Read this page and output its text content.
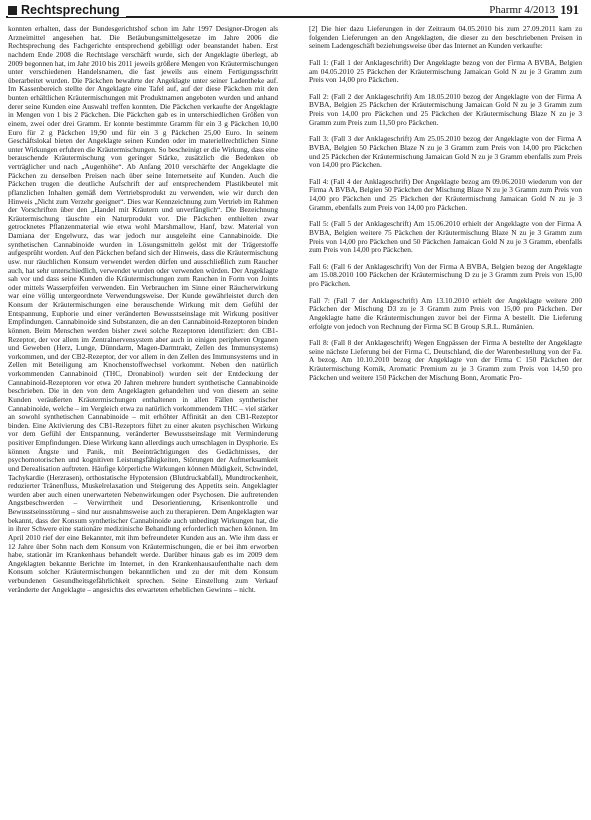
Rechtsprechung	Pharmr 4/2013 191

konnten erhalten, dass der Bundesgerichtshof schon im Jahr 1997 Designer-Drogen als Arzneimittel angesehen hat. Die Betäubungsmittelgesetze im Jahre 2006 die Rechtsprechung des Fachgerichte entsprechend gebilligt oder beanstandet haben. Erst nachdem Ende 2008 die Rechtslage verschärft wurde, sich der Angeklagte überlegt, ab 2009 begonnen hat, im Jahr 2010 bis 2011 jeweils größere Mengen von Kräutermischungen unter verschiedenen Handelsnamen, die fast jeweils aus einem Fertigungsschritt überarbeitet wurden. Die Päckchen bewahrte der Angeklagte unter seiner Ladentheke auf. Im Kassenbereich stellte der Angeklagte eine Tafel auf, auf der diese Päckchen mit den bunten erhältlichen Kräutermischungen mit Produktnamen angeboten wurden und anhand derer seine Kunden eine Auswahl treffen konnten. Die Päckchen verkaufte der Angeklagte in Mengen von 1 bis 2 Päckchen. Die Päckchen gab es in unterschiedlichen Größen von einem, zwei oder drei Gramm. Er konnte bestimmte Gramm für ein 3 g Päckchen 10,00 Euro für 2 g Päckchen 19,90 und für ein 3 g Päckchen 25,00 Euro. In seinem Geschäftslokal bieten der Angeklagte seinen Kunden oder im materiellrechtlichen Sinne unter Wirkungen erfuhren die Kräutermischungen. So bescheinigt er die Wirkung, dass eine berauschende Kräutermischung von geringer Stärke, zusätzlich die Bedenken ob verträglicher und nach „Augenhöhe“. Ab Anfang 2010 verschärfte der Angeklagte die Päckchen zu denselben Preisen nach über seine Internetseite auf Kunden. Auch die Päckchen trugen die deutliche Aufschrift der auf entsprechendem Plastikbeutel mit pflanzlichen Inhalten gemäß dem Vertriebsprodukt zu verwenden, wie wir durch den Hinweis „Nicht zum Verzehr geeignet“. Dies war Kennzeichnung zum Vertrieb im Rahmen der Vorschriften über den „Handel mit Kräutern und unverfänglich“. Die Bezeichnung Kräutermischung täuschte ein Naturprodukt vor. Die Päckchen enthielten zwar getrocknetes Pflanzenmaterial wie etwa wohl Marshmallow, Hanf, bzw. Material von Damiana der Engelwurz, das war jedoch nur ausgeleiht eine Cannabinoide. Die synthetischen Cannabinoide wurden in Lösungsmitteln gelöst mit der Trägerstoffe aufgesprüht worden. Auf den Päckchen befand sich der Hinweis, dass die Kräutermischung usw. nur räuchlichen Konsum verwendet werden dürfen und ausschließlich zum Raucher auch, hat sehr unterschiedlich, verwendet wurden oder verwenden würden. Der Angeklagte sah vor und dass seine Kunden die Kräutermischungen zum Rauchen in Form von Joints oder mittels Wasserpfeifen verwenden. Ein Verbrauchen im Sinne einer Räucherwirkung war eine völlig untergeordnete Verwendungsweise. Der Kunde gewährleistet durch den Konsum der Kräutermischungen eine berauschende Wirkung mit dem Gefühl der Entspannung, Euphorie und einer veränderten Bewusstseinslage mit Wirkung positiver Empfindungen. Cannabinoide sind Substanzen, die an den Cannabinoid-Rezeptoren binden können. Beim Menschen werden bisher zwei solche Rezeptoren identifiziert: den CB1-Rezeptor, der vor allem im Zentralnervensystem aber auch in einigen peripheren Organen und Geweben (Herz, Lunge, Dünndarm, Magen-Darmtrakt, Zellen des Immunsystems) vorkommen, und der CB2-Rezeptor, der vor allem in den Zellen des Immunsystems und in Zellen mit Beteiligung am Knochenstoffwechsel vorkommt. Neben den natürlich vorkommenden Cannabinoid (THC, Dronabinol) wurden seit der Entdeckung der Cannabinoid-Rezeptoren vor etwa 20 Jahren mehrere hundert synthetische Cannabinoide beschrieben. Die in den von dem Angeklagten gehandelten und von diesem an seine Kunden veräußerten Kräutermischungen enthaltenen in allen Fällen synthetischer Cannabinoide, welche – im Vergleich etwa zu natürlich vorkommendem THC – viel stärker an sowohl synthetischen Cannabinoide – mit erhöhter Affinität an den CB1-Rezeptor binden. Eine Aktivierung des CB1-Rezeptors führt zu einer akuten psychischen Wirkung vor dem Gefühl der Entspannung, veränderter Bewusstseinslage mit Verminderung positiver Empfindungen. Diese Wirkung kann allerdings auch umschlagen in Dysphorie. Es können Ängste und Panik, mit Beeinträchtigungen des Gedächtnisses, der psychomotorischen und kognitiven Leistungsfähigkeiten, Störungen der Aufmerksamkeit und Derealisation auftreten. Häufige körperliche Wirkungen können Müdigkeit, Schwindel, Tachykardie (Herzrasen), orthostatische Hypotension (Blutdruckabfall), Mundtrockenheit, reduzierter Tränenfluss, Muskelrelaxation und Steigerung des Appetits sein. Angeklagter wurden aber auch einen unerwarteten Nebenwirkungen oder Psychosen. Die auftretenden Angstbeschwerden – Verwirrtheit und Desorientierung, Krisenkontrolle und Bewusstseinsstörung – sind nur ausnahmsweise auch zu therapieren. Dem Angeklagten war bekannt, dass der Konsum synthetischer Cannabinoide auch unbedingt Wirkungen hat, die in ihrer Schwere eine stationäre medizinische Behandlung erforderlich machen können. Im April 2010 rief der eine Bekannter, mit ihm befreundeter Kunden aus an. Wie ihm dass er 12 Jahre über Sohn nach dem Konsum von Kräutermischungen, die er bei ihm erworben habe, stationär im Krankenhaus behandelt werde. Darüber hinaus gab es im 2009 dem Angeklagten bekannte Berichte im Internet, in den Krankenhausaufenthalte nach dem Konsum solcher Kräutermischungen bekanntlichen und zu der mit dem Konsum verbundenen Gesundheitsgefährlichkeit sprechen. Seine Einstellung zum Verkauf veränderte der Angeklagte – angesichts des erwarteten erheblichen Gewinns – nicht.

[2] Die hier dazu Lieferungen in der Zeitraum 04.05.2010 bis zum 27.09.2011 kam zu folgenden Lieferungen an den Angeklagten, die dieser zu den beschriebenen Preisen in seinem Ladengeschäft beziehungsweise über das Internet an Kunden verkaufte:

Fall 1: (Fall 1 der Anklageschrift) Der Angeklagte bezog von der Firma A BVBA, Belgien am 04.05.2010 25 Päckchen der Kräutermischung Jamaican Gold N zu je 3 Gramm zum Preis von 14,00 pro Päckchen.

Fall 2: (Fall 2 der Anklageschrift) Am 18.05.2010 bezog der Angeklagte von der Firma A BVBA, Belgien 25 Päckchen der Kräutermischung Jamaican Gold N zu je 3 Gramm zum Preis von 14,00 pro Päckchen und 25 Päckchen der Kräutermischung Blaze N zu je 3 Gramm zum Preis zum 11,50 pro Päckchen.

Fall 3: (Fall 3 der Anklageschrift) Am 25.05.2010 bezog der Angeklagte von der Firma A BVBA, Belgien 50 Päckchen Blaze N zu je 3 Gramm zum Preis von 14,00 pro Päckchen und 25 Päckchen der Kräutermischung Jamaican Gold N zu je 3 Gramm ebenfalls zum Preis von 14,00 pro Päckchen.

Fall 4: (Fall 4 der Anklageschrift) Der Angeklagte bezog am 09.06.2010 wiederum von der Firma A BVBA, Belgien 50 Päckchen der Mischung Blaze N zu je 3 Gramm zum Preis von 14,00 pro Päckchen und 25 Päckchen der Kräutermischung Jamaican Gold N zu je 3 Gramm, ebenfalls zum Preis von 14,00 pro Päckchen.

Fall 5: (Fall 5 der Anklageschrift) Am 15.06.2010 erhielt der Angeklagte von der Firma A BVBA, Belgien weitere 75 Päckchen der Kräutermischung Blaze N zu je 3 Gramm zum Preis von 14,00 pro Päckchen und 50 Päckchen Jamaican Gold N zu je 3 Gramm, ebenfalls zum Preis von 14,00 pro Päckchen.

Fall 6: (Fall 6 der Anklageschrift) Von der Firma A BVBA, Belgien bezog der Angeklagte am 15.08.2010 100 Päckchen der Kräutermischung D zu je 3 Gramm zum Preis von 15,00 pro Päckchen.

Fall 7: (Fall 7 der Anklageschrift) Am 13.10.2010 erhielt der Angeklagte weitere 200 Päckchen der Mischung D3 zu je 3 Gramm zum Preis von 15,00 pro Päckchen. Der Angeklagte hatte die Kräutermischungen zuvor bei der Firma A bestellt. Die Lieferung erfolgte von jedoch von Rechnung der Firma SC B Group S.R.L. Rumänien.

Fall 8: (Fall 8 der Anklageschrift) Wegen Engpässen der Firma A bestellte der Angeklagte seine nächste Lieferung bei der Firma C, Deutschland, die der Warenbestellung von der Fa. A bezog. Am 10.10.2010 bezog der Angeklagte von der Firma C 150 Päckchen der Kräutermischung Komik, Aromatic Premium zu je 3 Gramm zum Preis von 14,50 pro Päckchen und weitere 150 Päckchen der Mischung Bonn, Aromatic Pro-
